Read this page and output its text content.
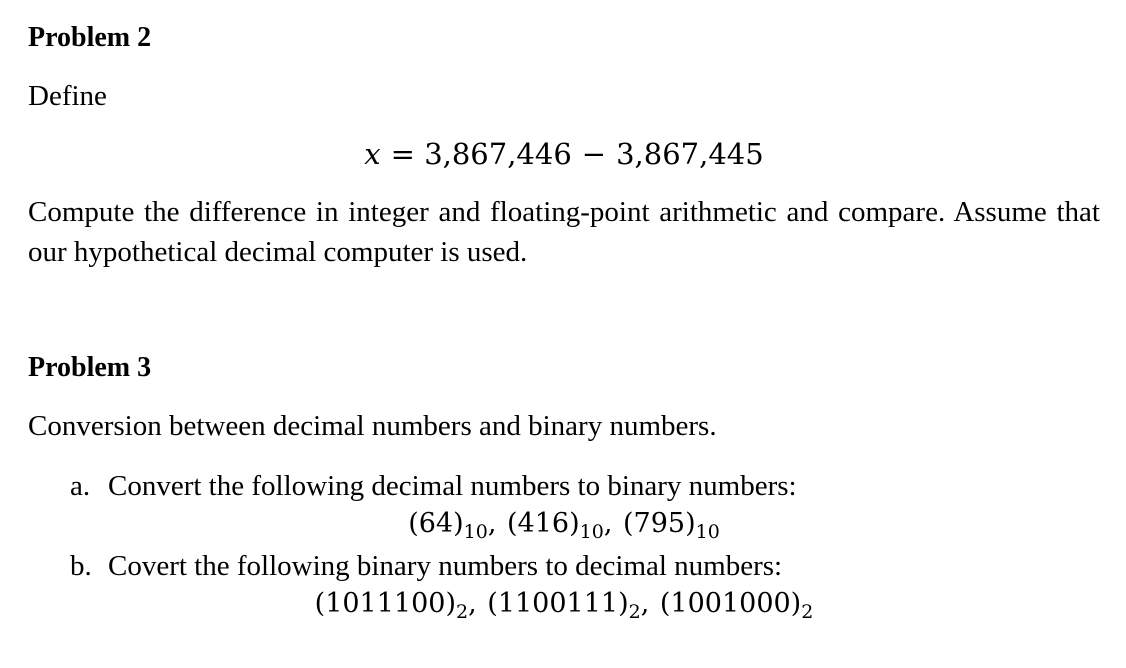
Problem 2
Define
x = 3,867,446 − 3,867,445
Compute the difference in integer and floating-point arithmetic and compare. Assume that our hypothetical decimal computer is used.
Problem 3
Conversion between decimal numbers and binary numbers.
a. Convert the following decimal numbers to binary numbers:
$(64)_{10}$, $(416)_{10}$, $(795)_{10}$
b. Covert the following binary numbers to decimal numbers:
$(1011100)_2$, $(1100111)_2$, $(1001000)_2$
